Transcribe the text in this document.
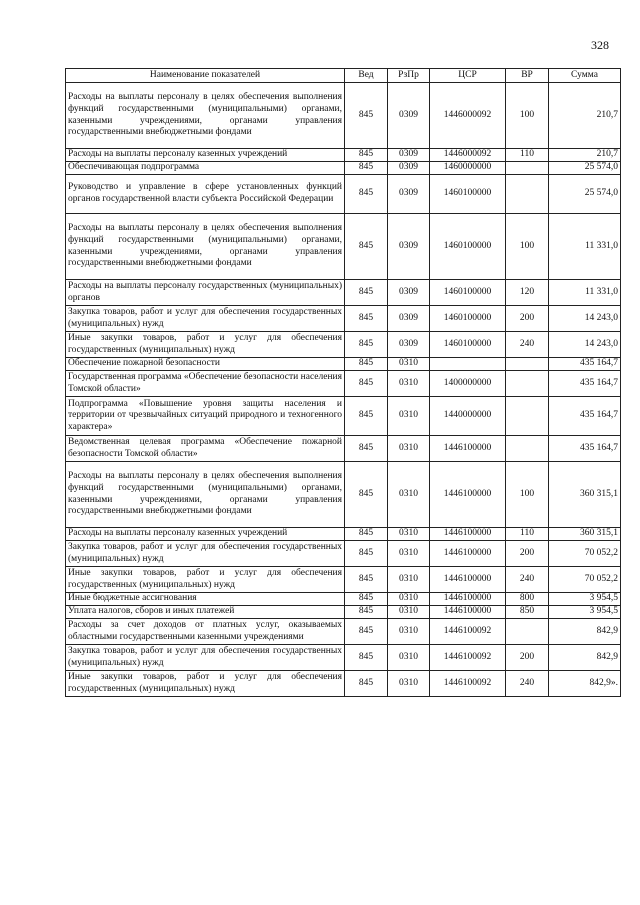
328
Наименование показателей	Вед	РзПр	ЦСР	ВР	Сумма
Расходы на выплаты персоналу в целях обеспечения выполнения функций государственными (муниципальными) органами, казенными учреждениями, органами управления государственными внебюджетными фондами	845	0309	1446000092	100	210,7
Расходы на выплаты персоналу казенных учреждений	845	0309	1446000092	110	210,7
Обеспечивающая подпрограмма	845	0309	1460000000		25 574,0
Руководство и управление в сфере установленных функций органов государственной власти субъекта Российской Федерации	845	0309	1460100000		25 574,0
Расходы на выплаты персоналу в целях обеспечения выполнения функций государственными (муниципальными) органами, казенными учреждениями, органами управления государственными внебюджетными фондами	845	0309	1460100000	100	11 331,0
Расходы на выплаты персоналу государственных (муниципальных) органов	845	0309	1460100000	120	11 331,0
Закупка товаров, работ и услуг для обеспечения государственных (муниципальных) нужд	845	0309	1460100000	200	14 243,0
Иные закупки товаров, работ и услуг для обеспечения государственных (муниципальных) нужд	845	0309	1460100000	240	14 243,0
Обеспечение пожарной безопасности	845	0310			435 164,7
Государственная программа «Обеспечение безопасности населения Томской области»	845	0310	1400000000		435 164,7
Подпрограмма «Повышение уровня защиты населения и территории от чрезвычайных ситуаций природного и техногенного характера»	845	0310	1440000000		435 164,7
Ведомственная целевая программа «Обеспечение пожарной безопасности Томской области»	845	0310	1446100000		435 164,7
Расходы на выплаты персоналу в целях обеспечения выполнения функций государственными (муниципальными) органами, казенными учреждениями, органами управления государственными внебюджетными фондами	845	0310	1446100000	100	360 315,1
Расходы на выплаты персоналу казенных учреждений	845	0310	1446100000	110	360 315,1
Закупка товаров, работ и услуг для обеспечения государственных (муниципальных) нужд	845	0310	1446100000	200	70 052,2
Иные закупки товаров, работ и услуг для обеспечения государственных (муниципальных) нужд	845	0310	1446100000	240	70 052,2
Иные бюджетные ассигнования	845	0310	1446100000	800	3 954,5
Уплата налогов, сборов и иных платежей	845	0310	1446100000	850	3 954,5
Расходы за счет доходов от платных услуг, оказываемых областными государственными казенными учреждениями	845	0310	1446100092		842,9
Закупка товаров, работ и услуг для обеспечения государственных (муниципальных) нужд	845	0310	1446100092	200	842,9
Иные закупки товаров, работ и услуг для обеспечения государственных (муниципальных) нужд	845	0310	1446100092	240	842,9».
